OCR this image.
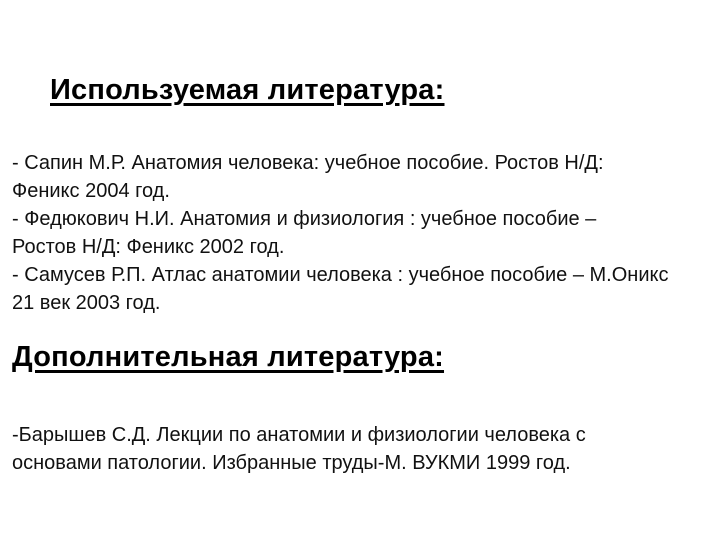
Используемая литература:
- Сапин М.Р. Анатомия человека: учебное пособие. Ростов Н/Д:
Феникс 2004 год.
- Федюкович Н.И. Анатомия и физиология : учебное пособие –
Ростов Н/Д: Феникс 2002 год.
- Самусев Р.П. Атлас анатомии человека : учебное пособие – М.Оникс
21 век 2003 год.
Дополнительная литература:
-Барышев С.Д. Лекции по анатомии и физиологии человека с
основами патологии. Избранные труды-М. ВУКМИ 1999 год.
